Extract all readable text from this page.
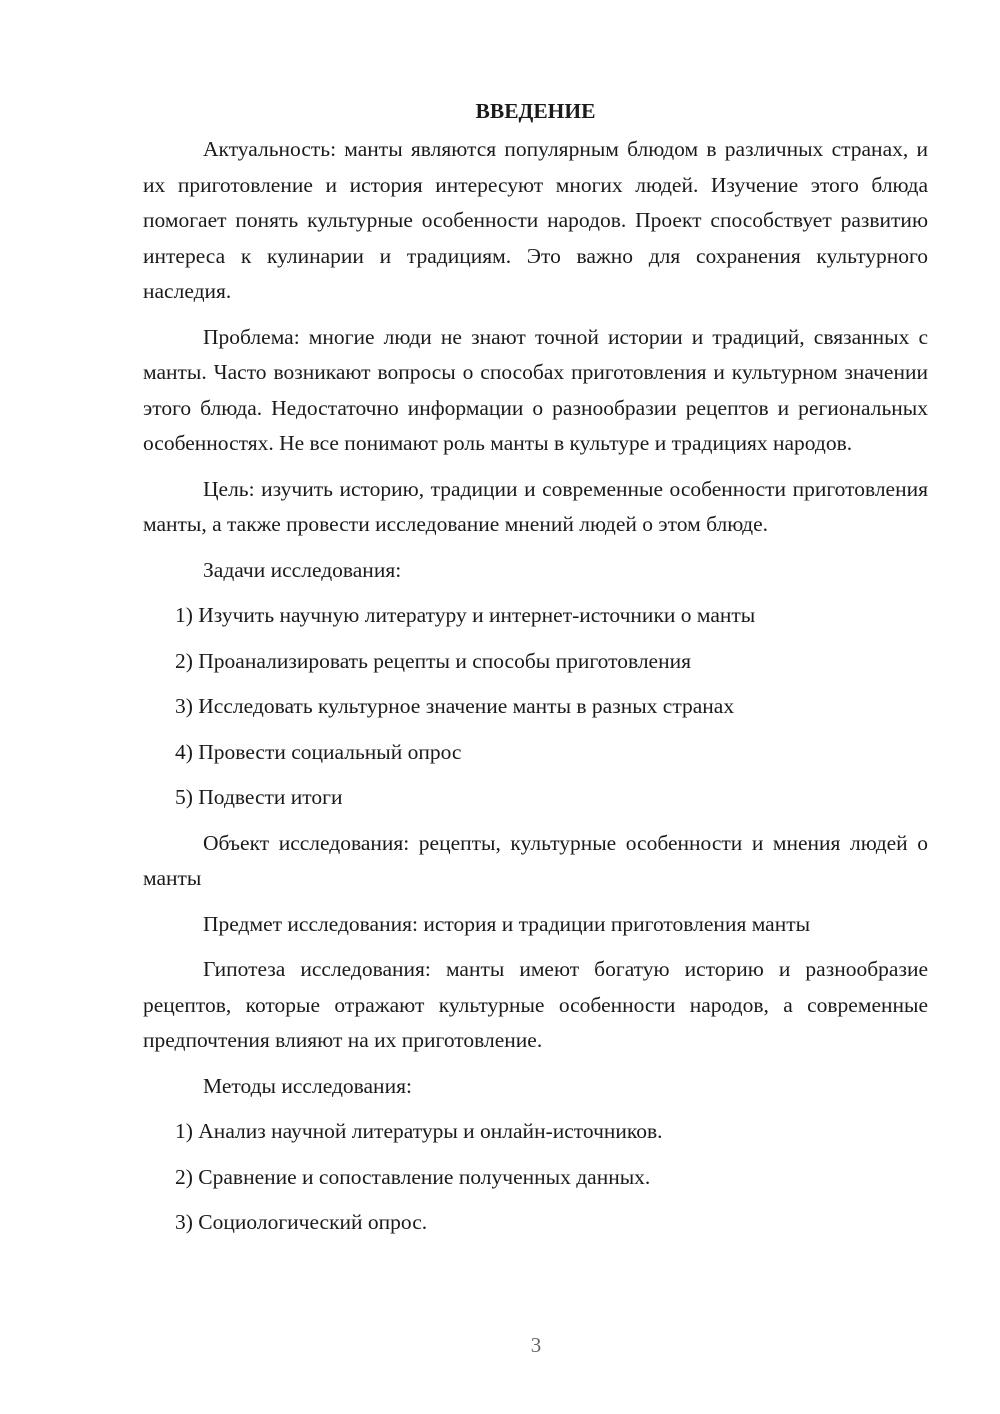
ВВЕДЕНИЕ

Актуальность: манты являются популярным блюдом в различных странах, и их приготовление и история интересуют многих людей. Изучение этого блюда помогает понять культурные особенности народов. Проект способствует развитию интереса к кулинарии и традициям. Это важно для сохранения культурного наследия.

Проблема: многие люди не знают точной истории и традиций, связанных с манты. Часто возникают вопросы о способах приготовления и культурном значении этого блюда. Недостаточно информации о разнообразии рецептов и региональных особенностях. Не все понимают роль манты в культуре и традициях народов.

Цель: изучить историю, традиции и современные особенности приготовления манты, а также провести исследование мнений людей о этом блюде.

Задачи исследования:

1) Изучить научную литературу и интернет-источники о манты
2) Проанализировать рецепты и способы приготовления
3) Исследовать культурное значение манты в разных странах
4) Провести социальный опрос
5) Подвести итоги

Объект исследования: рецепты, культурные особенности и мнения людей о манты

Предмет исследования: история и традиции приготовления манты

Гипотеза исследования: манты имеют богатую историю и разнообразие рецептов, которые отражают культурные особенности народов, а современные предпочтения влияют на их приготовление.

Методы исследования:

1) Анализ научной литературы и онлайн-источников.
2) Сравнение и сопоставление полученных данных.
3) Социологический опрос.
3
